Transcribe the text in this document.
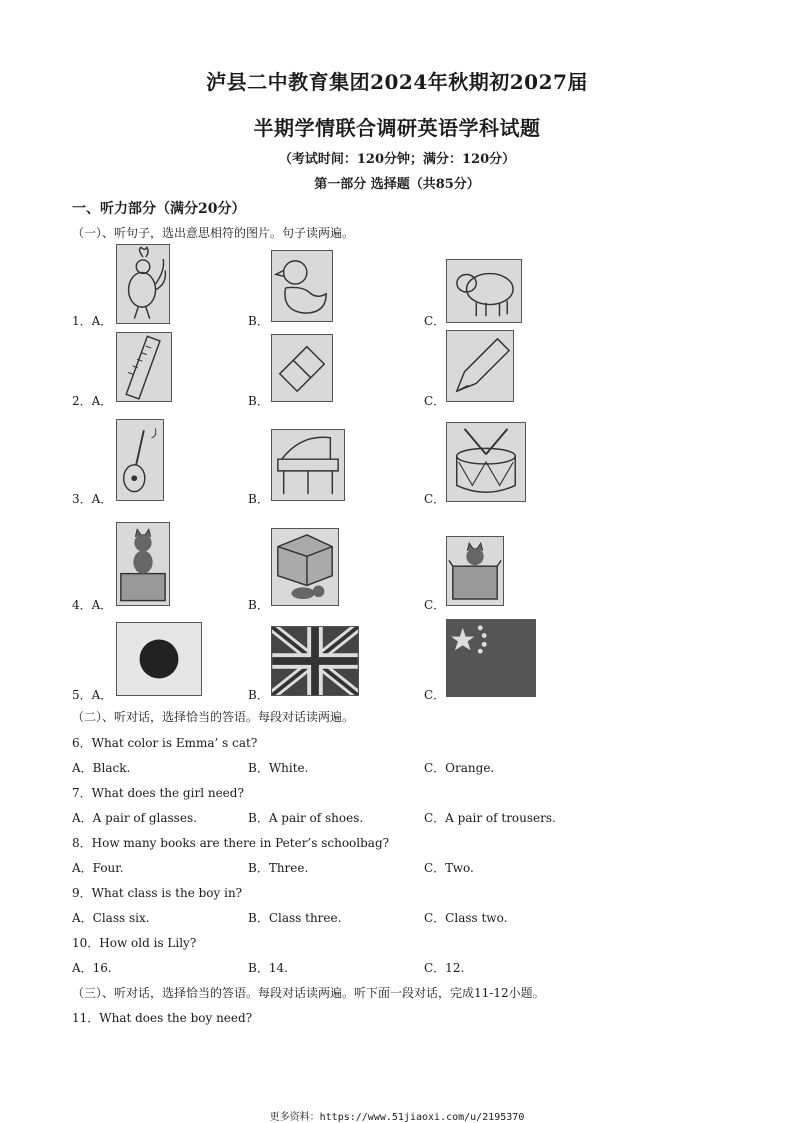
泸县二中教育集团2024年秋期初2027届
半期学情联合调研英语学科试题
（考试时间：120分钟；满分：120分）
第一部分 选择题（共85分）
一、听力部分（满分20分）
（一）、听句子，选出意思相符的图片。句子读两遍。
1．A．	B．	C．
2．A．	B．	C．
3．A．	B．	C．
4．A．	B．	C．
5．A．	B．	C．
（二）、听对话，选择恰当的答语。每段对话读两遍。
6．What color is Emma’ s cat?
A．Black.	B．White.	C．Orange.
7．What does the girl need?
A．A pair of glasses.	B．A pair of shoes.	C．A pair of trousers.
8．How many books are there in Peter’s schoolbag?
A．Four.	B．Three.	C．Two.
9．What class is the boy in?
A．Class six.	B．Class three.	C．Class two.
10．How old is Lily?
A．16.	B．14.	C．12.
（三）、听对话，选择恰当的答语。每段对话读两遍。听下面一段对话，完成11-12小题。
11．What does the boy need?
更多资料：https://www.51jiaoxi.com/u/2195370
